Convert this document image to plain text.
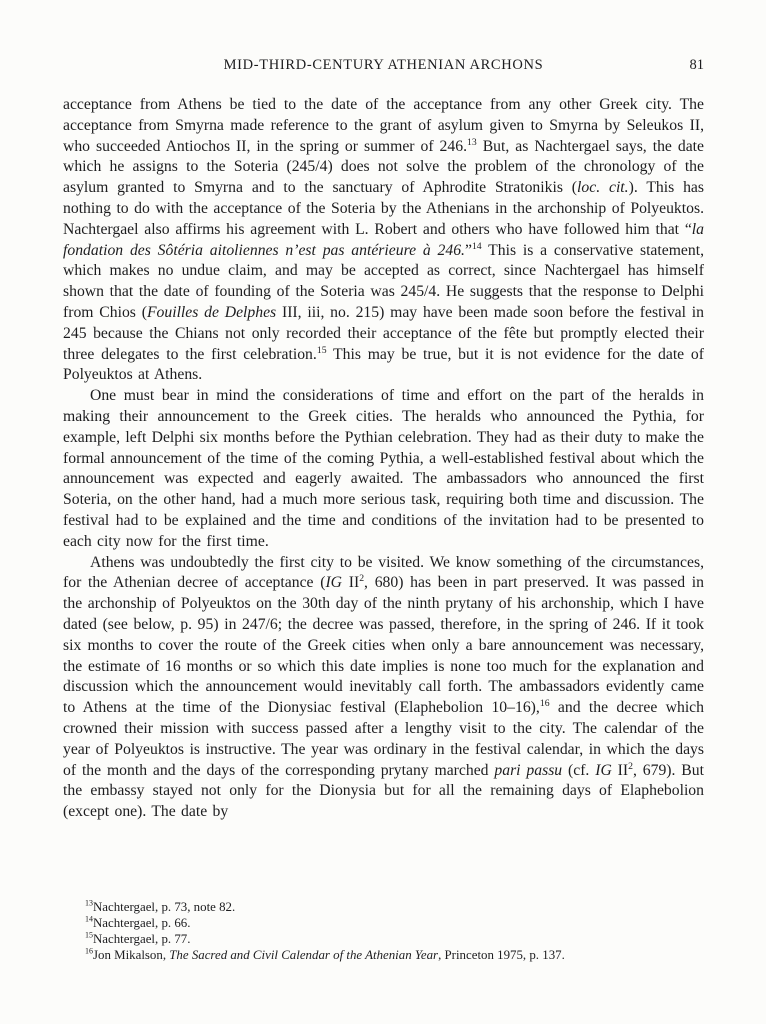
MID-THIRD-CENTURY ATHENIAN ARCHONS	81

acceptance from Athens be tied to the date of the acceptance from any other Greek city. The acceptance from Smyrna made reference to the grant of asylum given to Smyrna by Seleukos II, who succeeded Antiochos II, in the spring or summer of 246.13 But, as Nachtergael says, the date which he assigns to the Soteria (245/4) does not solve the problem of the chronology of the asylum granted to Smyrna and to the sanctuary of Aphrodite Stratonikis (loc. cit.). This has nothing to do with the acceptance of the Soteria by the Athenians in the archonship of Polyeuktos. Nachtergael also affirms his agreement with L. Robert and others who have followed him that “la fondation des Sôtéria aitoliennes n’est pas antérieure à 246.”$^{14}$ This is a conservative statement, which makes no undue claim, and may be accepted as correct, since Nachtergael has himself shown that the date of founding of the Soteria was 245/4. He suggests that the response to Delphi from Chios (Fouilles de Delphes III, iii, no. 215) may have been made soon before the festival in 245 because the Chians not only recorded their acceptance of the fête but promptly elected their three delegates to the first celebration.$^{15}$ This may be true, but it is not evidence for the date of Polyeuktos at Athens.

One must bear in mind the considerations of time and effort on the part of the heralds in making their announcement to the Greek cities. The heralds who announced the Pythia, for example, left Delphi six months before the Pythian celebration. They had as their duty to make the formal announcement of the time of the coming Pythia, a well-established festival about which the announcement was expected and eagerly awaited. The ambassadors who announced the first Soteria, on the other hand, had a much more serious task, requiring both time and discussion. The festival had to be explained and the time and conditions of the invitation had to be presented to each city now for the first time.

Athens was undoubtedly the first city to be visited. We know something of the circumstances, for the Athenian decree of acceptance (IG $II^2$, 680) has been in part preserved. It was passed in the archonship of Polyeuktos on the 30th day of the ninth prytany of his archonship, which I have dated (see below, p. 95) in 247/6; the decree was passed, therefore, in the spring of 246. If it took six months to cover the route of the Greek cities when only a bare announcement was necessary, the estimate of 16 months or so which this date implies is none too much for the explanation and discussion which the announcement would inevitably call forth. The ambassadors evidently came to Athens at the time of the Dionysiac festival (Elaphebolion 10–16),$^{16}$ and the decree which crowned their mission with success passed after a lengthy visit to the city. The calendar of the year of Polyeuktos is instructive. The year was ordinary in the festival calendar, in which the days of the month and the days of the corresponding prytany marched pari passu (cf. IG $II^2$, 679). But the embassy stayed not only for the Dionysia but for all the remaining days of Elaphebolion (except one). The date by

$^{13}$Nachtergael, p. 73, note 82.

$^{14}$Nachtergael, p. 66.

$^{15}$Nachtergael, p. 77.

$^{16}$Jon Mikalson, The Sacred and Civil Calendar of the Athenian Year, Princeton 1975, p. 137.
